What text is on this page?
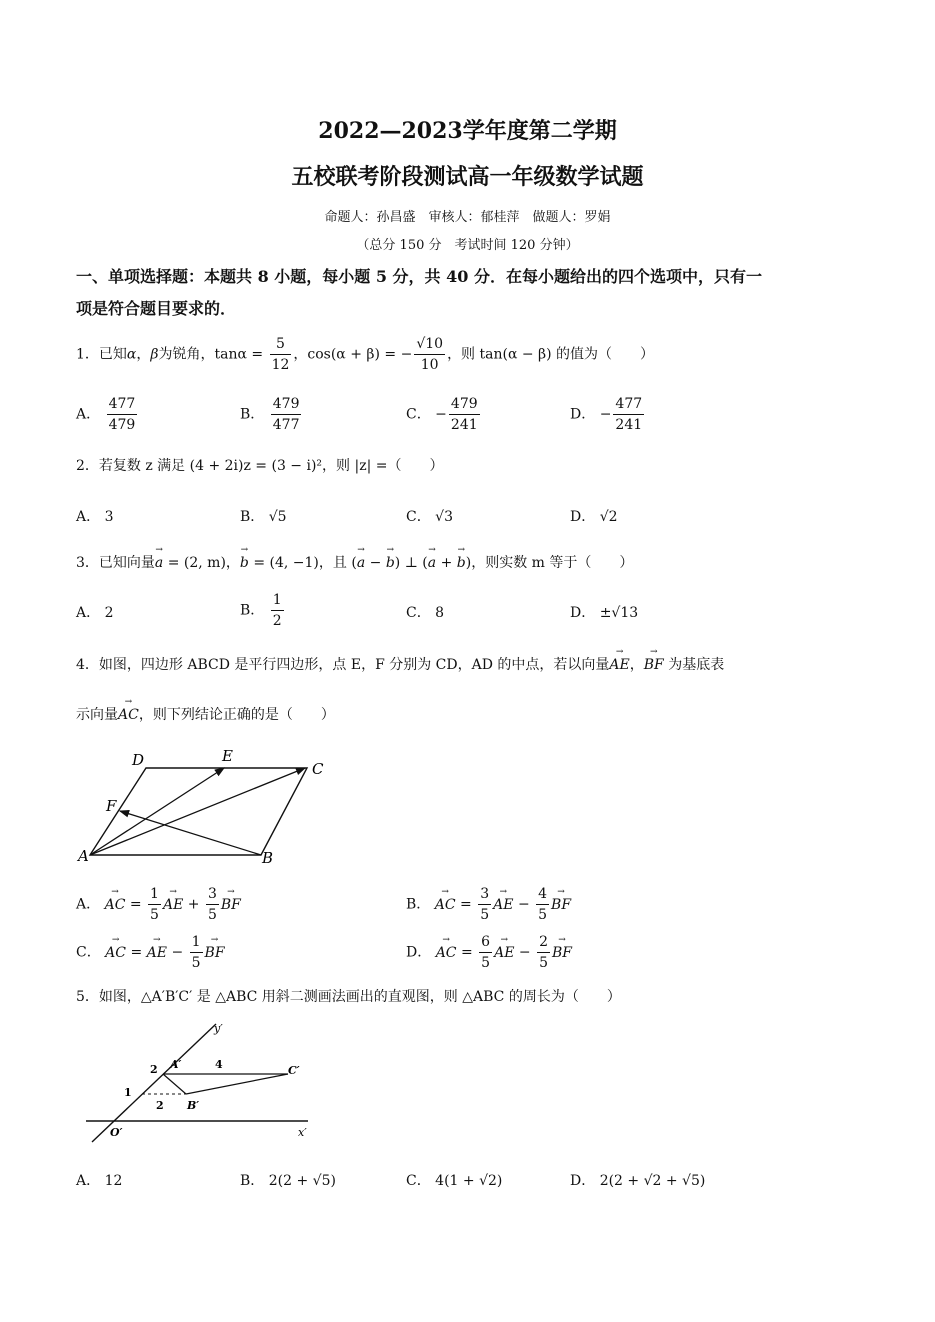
2022—2023学年度第二学期
五校联考阶段测试高一年级数学试题
命题人：孙昌盛　审核人：郁桂萍　做题人：罗娟
（总分 150 分　考试时间 120 分钟）
一、单项选择题：本题共 8 小题，每小题 5 分，共 40 分．在每小题给出的四个选项中，只有一
项是符合题目要求的．
1．已知α，β为锐角，$\tan\alpha = \frac{5}{12}$ ，cos(α + β) = − $\frac{√10}{10}$ ，则 tan(α − β) 的值为（　　）
A． $\frac{477}{479}$	B． $\frac{479}{477}$	C． − $\frac{479}{241}$	D． − $\frac{477}{241}$
2．若复数 z 满足 (4 + 2i)z = (3 − i)²，则 |z| =（　　）
A． 3	B． √5	C． √3	D． √2
3．已知向量→ a = (2, m)，→ b = (4, −1)，且 (→ a − → b) ⊥ (→ a + → b)，则实数 m 等于（　　）
A． 2	B． $\frac{1}{2}$	C． 8	D． ±√13
4．如图，四边形 ABCD 是平行四边形，点 E，F 分别为 CD，AD 的中点，若以向量→ AE，→ BF 为基底表
示向量→ AC，则下列结论正确的是（　　）
A	B
C
D	E
F
A． → AC = $\frac{1}{5}$ → AE + $\frac{3}{5}$ → BF	B． → AC = $\frac{3}{5}$ → AE − $\frac{4}{5}$ → BF
C． → AC = → AE − $\frac{1}{5}$ → BF	D． → AC = $\frac{6}{5}$ → AE − $\frac{2}{5}$ → BF
5．如图，△A′B′C′ 是 △ABC 用斜二测画法画出的直观图，则 △ABC 的周长为（　　）
y′
x′
O′
A′
B′
C′
2	4
1
2
A． 12	B． 2(2 + √5)	C． 4(1 + √2)	D． 2(2 + √2 + √5)
